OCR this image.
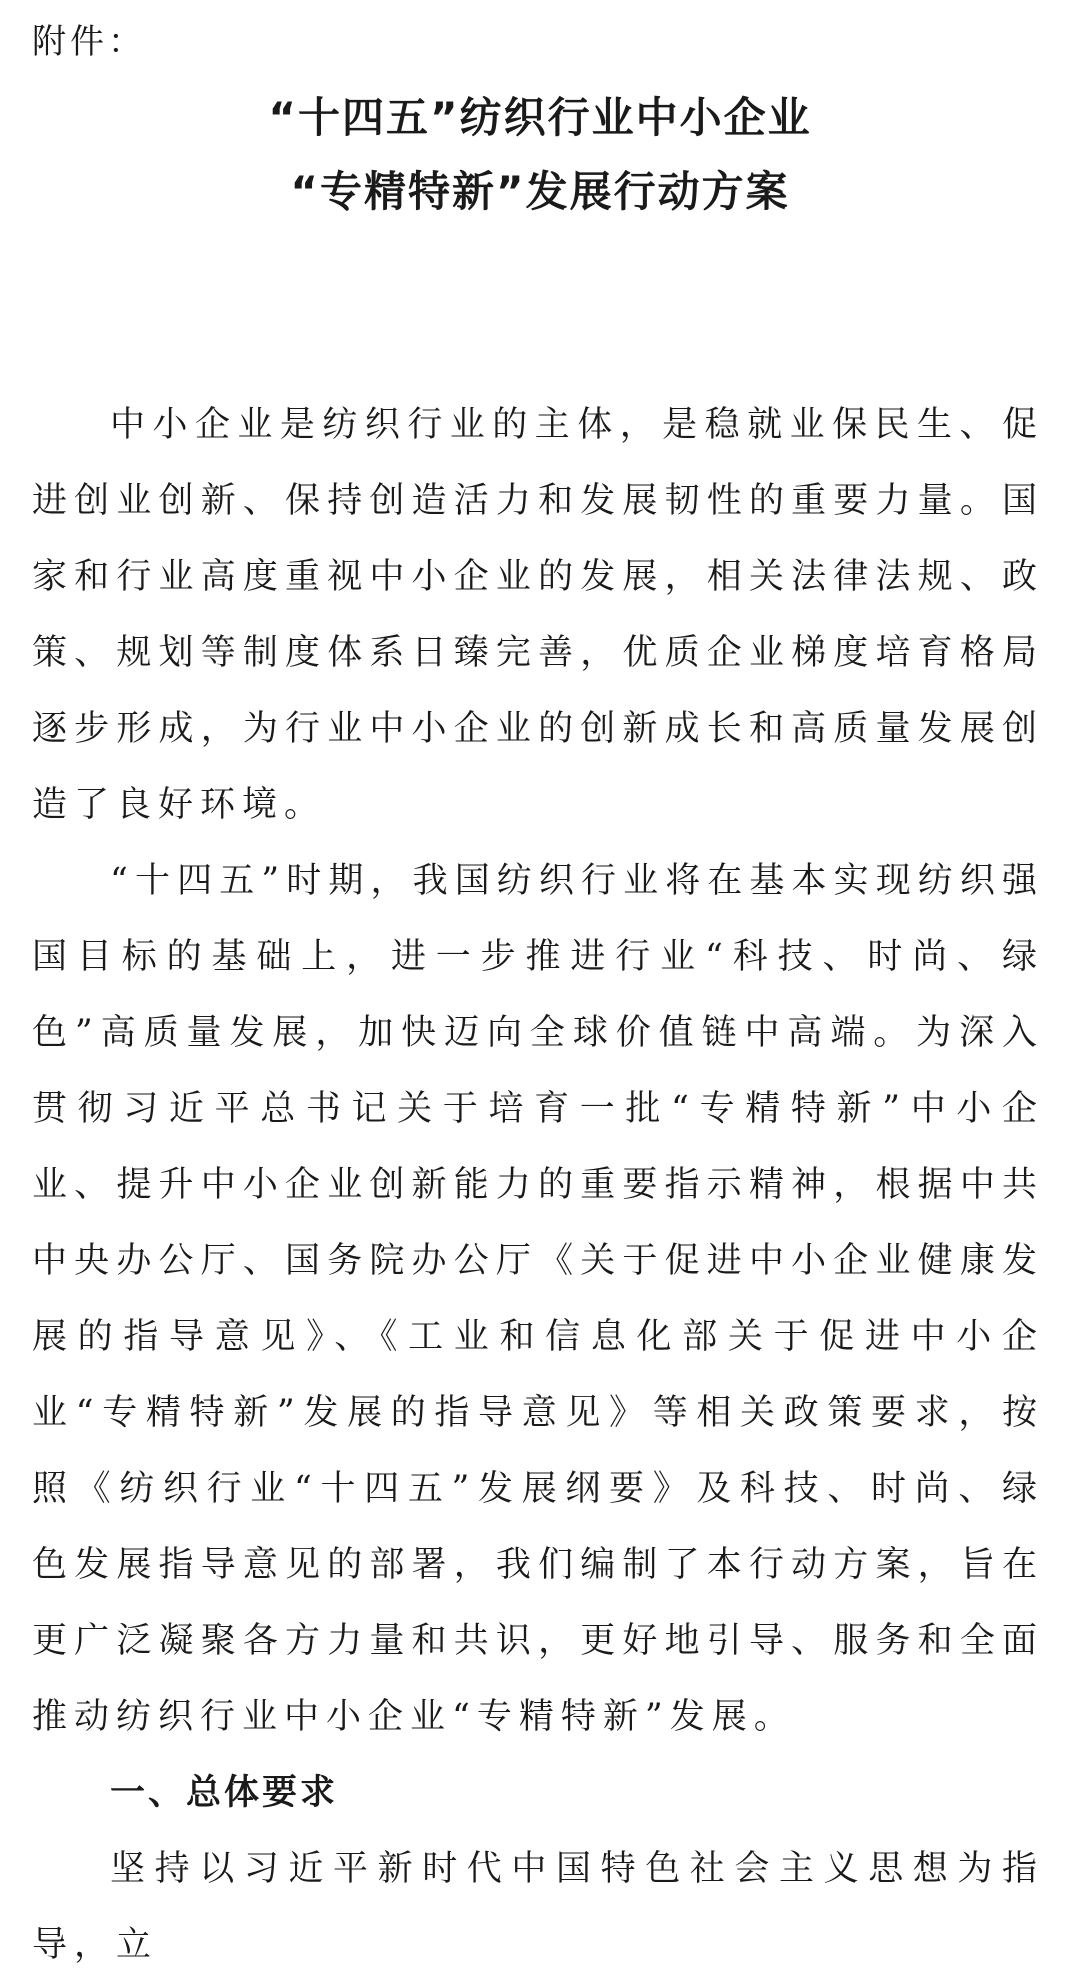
附件：
“十四五”纺织行业中小企业
“专精特新”发展行动方案

中小企业是纺织行业的主体，是稳就业保民生、促进创业创新、保持创造活力和发展韧性的重要力量。国家和行业高度重视中小企业的发展，相关法律法规、政策、规划等制度体系日臻完善，优质企业梯度培育格局逐步形成，为行业中小企业的创新成长和高质量发展创造了良好环境。

“十四五”时期，我国纺织行业将在基本实现纺织强国目标的基础上，进一步推进行业“科技、时尚、绿色”高质量发展，加快迈向全球价值链中高端。为深入贯彻习近平总书记关于培育一批“专精特新”中小企业、提升中小企业创新能力的重要指示精神，根据中共中央办公厅、国务院办公厅《关于促进中小企业健康发展的指导意见》、《工业和信息化部关于促进中小企业“专精特新”发展的指导意见》等相关政策要求，按照《纺织行业“十四五”发展纲要》及科技、时尚、绿色发展指导意见的部署，我们编制了本行动方案，旨在更广泛凝聚各方力量和共识，更好地引导、服务和全面推动纺织行业中小企业“专精特新”发展。

一、总体要求

坚持以习近平新时代中国特色社会主义思想为指导，立
